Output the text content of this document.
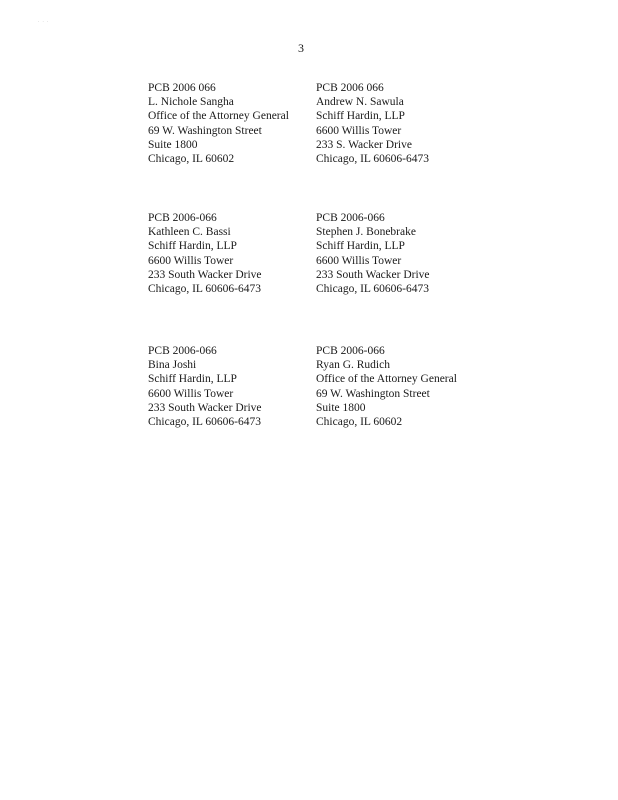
. . .
3
PCB 2006 066
L. Nichole Sangha
Office of the Attorney General
69 W. Washington Street
Suite 1800
Chicago, IL 60602
PCB 2006 066
Andrew N. Sawula
Schiff Hardin, LLP
6600 Willis Tower
233 S. Wacker Drive
Chicago, IL 60606-6473
PCB 2006-066
Kathleen C. Bassi
Schiff Hardin, LLP
6600 Willis Tower
233 South Wacker Drive
Chicago, IL 60606-6473
PCB 2006-066
Stephen J. Bonebrake
Schiff Hardin, LLP
6600 Willis Tower
233 South Wacker Drive
Chicago, IL 60606-6473
PCB 2006-066
Bina Joshi
Schiff Hardin, LLP
6600 Willis Tower
233 South Wacker Drive
Chicago, IL 60606-6473
PCB 2006-066
Ryan G. Rudich
Office of the Attorney General
69 W. Washington Street
Suite 1800
Chicago, IL 60602
